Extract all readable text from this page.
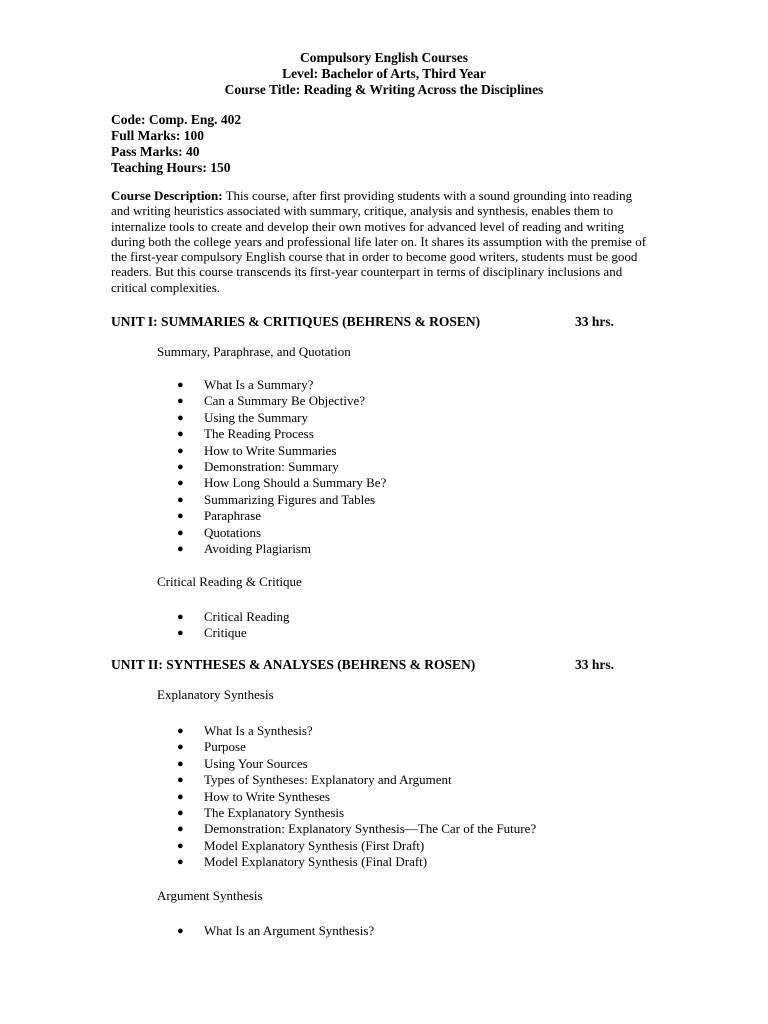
Compulsory English Courses
Level: Bachelor of Arts, Third Year
Course Title: Reading & Writing Across the Disciplines
Code: Comp. Eng. 402
Full Marks: 100
Pass Marks: 40
Teaching Hours: 150
Course Description: This course, after first providing students with a sound grounding into reading and writing heuristics associated with summary, critique, analysis and synthesis, enables them to internalize tools to create and develop their own motives for advanced level of reading and writing during both the college years and professional life later on. It shares its assumption with the premise of the first-year compulsory English course that in order to become good writers, students must be good readers. But this course transcends its first-year counterpart in terms of disciplinary inclusions and critical complexities.
UNIT I: SUMMARIES & CRITIQUES (BEHRENS & ROSEN)	33 hrs.
Summary, Paraphrase, and Quotation
● What Is a Summary?
● Can a Summary Be Objective?
● Using the Summary
● The Reading Process
● How to Write Summaries
● Demonstration: Summary
● How Long Should a Summary Be?
● Summarizing Figures and Tables
● Paraphrase
● Quotations
● Avoiding Plagiarism
Critical Reading & Critique
● Critical Reading
● Critique
UNIT II: SYNTHESES & ANALYSES (BEHRENS & ROSEN)	33 hrs.
Explanatory Synthesis
● What Is a Synthesis?
● Purpose
● Using Your Sources
● Types of Syntheses: Explanatory and Argument
● How to Write Syntheses
● The Explanatory Synthesis
● Demonstration: Explanatory Synthesis—The Car of the Future?
● Model Explanatory Synthesis (First Draft)
● Model Explanatory Synthesis (Final Draft)
Argument Synthesis
● What Is an Argument Synthesis?
